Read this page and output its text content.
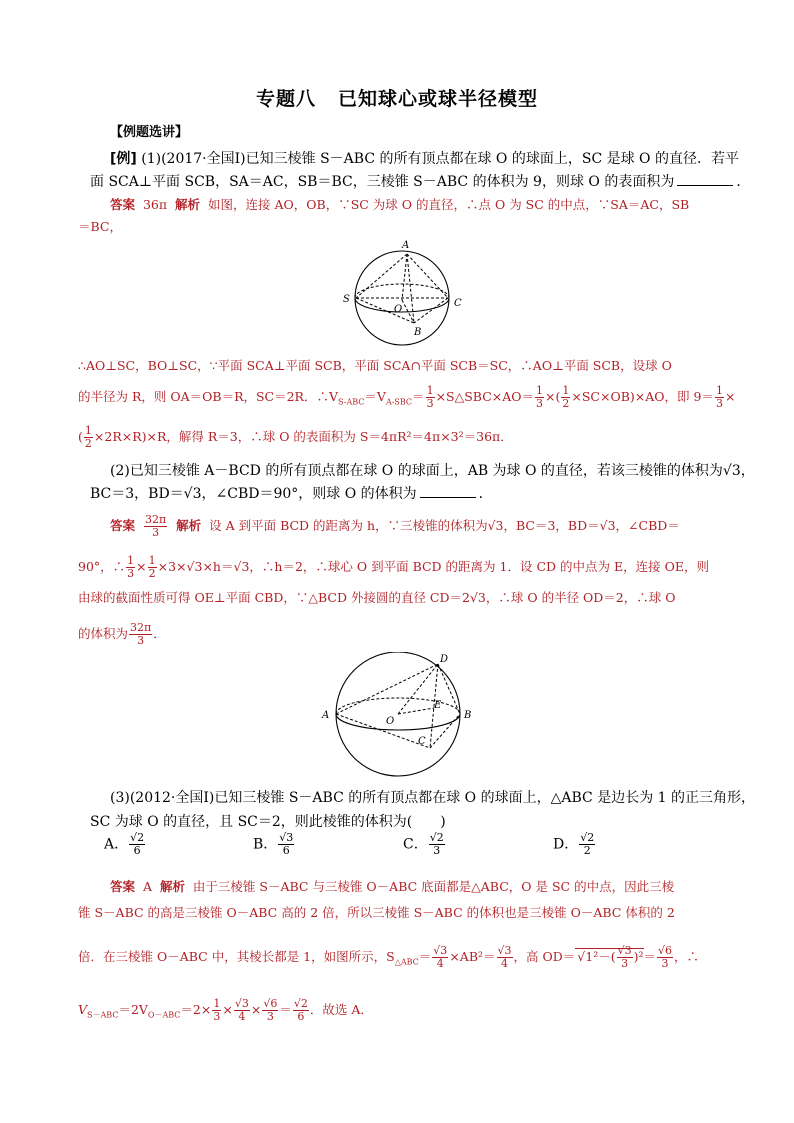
专题八 已知球心或球半径模型
【例题选讲】
[例] (1)(2017·全国Ⅰ)已知三棱锥 S－ABC 的所有顶点都在球 O 的球面上，SC 是球 O 的直径．若平
面 SCA⊥平面 SCB，SA＝AC，SB＝BC，三棱锥 S－ABC 的体积为 9，则球 O 的表面积为	．
答案 36π 解析 如图，连接 AO，OB，∵SC 为球 O 的直径，∴点 O 为 SC 的中点，∵SA＝AC，SB
＝BC，
A
S	C
O
B
∴AO⊥SC，BO⊥SC，∵平面 SCA⊥平面 SCB，平面 SCA∩平面 SCB＝SC，∴AO⊥平面 SCB，设球 O
的半径为 R，则 OA＝OB＝R，SC＝2R．$\therefore V_{S-ABC}=V_{A-SBC}= \frac{1}{3}$ ×S△SBC×AO＝ $\frac{1}{3}$ ×( $\frac{1}{2} \times SC\times OB)\times AO$，即 $9= \frac{1}{3}$ ×
( $\frac{1}{2} \times 2R\times R)\times R$，解得 R＝3，∴球 O 的表面积为 S＝4πR²＝4π×3²＝36π．
(2)已知三棱锥 A－BCD 的所有顶点都在球 O 的球面上，AB 为球 O 的直径，若该三棱锥的体积为√3，
BC＝3，BD＝√3，∠CBD＝90°，则球 O 的体积为	．
答案 $\frac{32\pi}{3}$ 解析 设 A 到平面 BCD 的距离为 h，∵三棱锥的体积为√3，BC＝3，BD＝√3，∠CBD＝
90°，∴ $\frac{1}{3} \times \frac{1}{2} \times 3\times√3\times h=√3$，∴h＝2，∴球心 O 到平面 BCD 的距离为 1．设 CD 的中点为 E，连接 OE，则
由球的截面性质可得 OE⊥平面 CBD，∵△BCD 外接圆的直径 CD＝2√3，∴球 O 的半径 OD＝2，∴球 O
的体积为 $\frac{32\pi}{3}$ ．
D
A
O
E
B
C
(3)(2012·全国Ⅰ)已知三棱锥 S－ABC 的所有顶点都在球 O 的球面上，△ABC 是边长为 1 的正三角形，
SC 为球 O 的直径，且 SC＝2，则此棱锥的体积为(　　)
A． $\frac{√2}{6}$	B． $\frac{√3}{6}$	C． $\frac{√2}{3}$	D． $\frac{√2}{2}$
答案 A 解析 由于三棱锥 S－ABC 与三棱锥 O－ABC 底面都是△ABC，O 是 SC 的中点，因此三棱
锥 S－ABC 的高是三棱锥 O－ABC 高的 2 倍，所以三棱锥 S－ABC 的体积也是三棱锥 O－ABC 体积的 2
倍．在三棱锥 O－ABC 中，其棱长都是 1，如图所示，$S_{\triangle ABC}= \frac{√3}{4} \times AB^2= \frac{√3}{4}$ ，高 $OD= √1^2-( \frac{√3}{3} )^2= \frac{√6}{3}$ ，∴
$V_{S-ABC}=2V_{O-ABC}=2\times \frac{1}{3} \times \frac{√3}{4} \times \frac{√6}{3} = \frac{√2}{6}$ ．故选 A．
